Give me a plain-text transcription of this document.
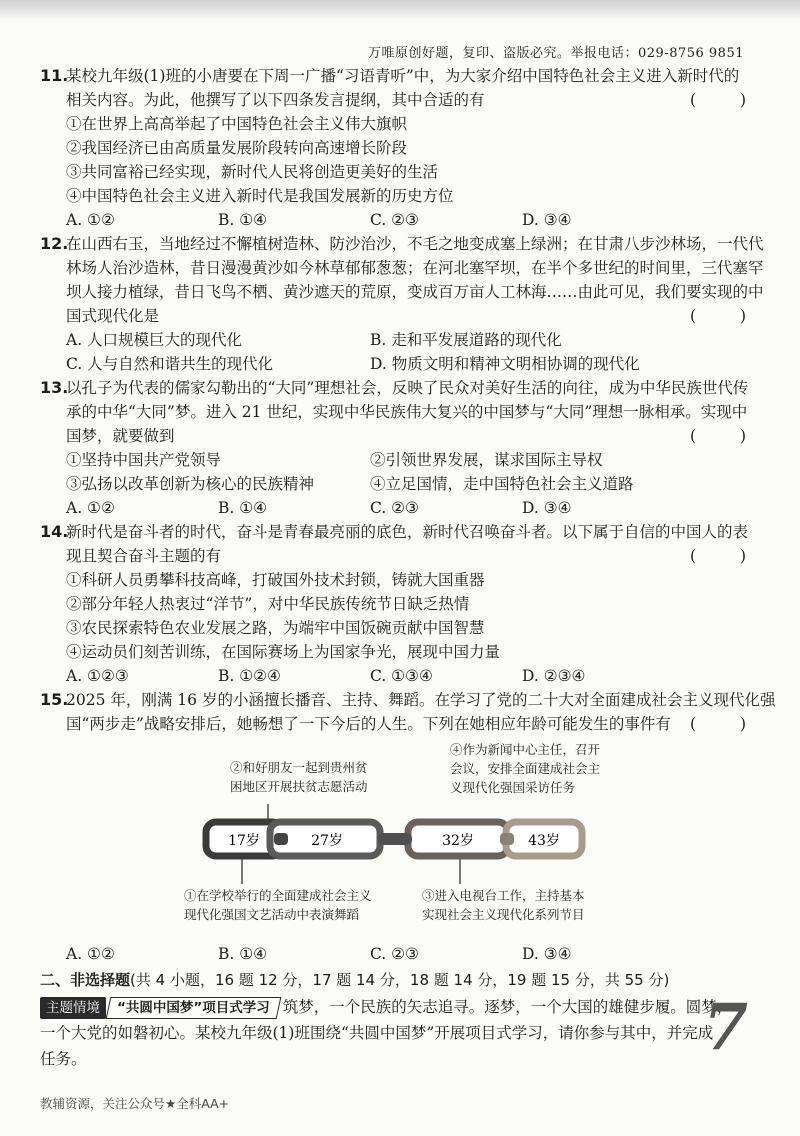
万唯原创好题，复印、盗版必究。举报电话：029-8756 9851
11.某校九年级(1)班的小唐要在下周一广播“习语青听”中，为大家介绍中国特色社会主义进入新时代的
相关内容。为此，他撰写了以下四条发言提纲，其中合适的有	(	)
①在世界上高高举起了中国特色社会主义伟大旗帜
②我国经济已由高质量发展阶段转向高速增长阶段
③共同富裕已经实现，新时代人民将创造更美好的生活
④中国特色社会主义进入新时代是我国发展新的历史方位
A. ①②	B. ①④	C. ②③	D. ③④
12.在山西右玉，当地经过不懈植树造林、防沙治沙，不毛之地变成塞上绿洲；在甘肃八步沙林场，一代代
林场人治沙造林，昔日漫漫黄沙如今林草郁郁葱葱；在河北塞罕坝，在半个多世纪的时间里，三代塞罕
坝人接力植绿，昔日飞鸟不栖、黄沙遮天的荒原，变成百万亩人工林海……由此可见，我们要实现的中
国式现代化是	(	)
A. 人口规模巨大的现代化	B. 走和平发展道路的现代化
C. 人与自然和谐共生的现代化	D. 物质文明和精神文明相协调的现代化
13.以孔子为代表的儒家勾勒出的“大同”理想社会，反映了民众对美好生活的向往，成为中华民族世代传
承的中华“大同”梦。进入 21 世纪，实现中华民族伟大复兴的中国梦与“大同”理想一脉相承。实现中
国梦，就要做到	(	)
①坚持中国共产党领导	②引领世界发展，谋求国际主导权
③弘扬以改革创新为核心的民族精神	④立足国情，走中国特色社会主义道路
A. ①②	B. ①④	C. ②③	D. ③④
14.新时代是奋斗者的时代，奋斗是青春最亮丽的底色，新时代召唤奋斗者。以下属于自信的中国人的表
现且契合奋斗主题的有	(	)
①科研人员勇攀科技高峰，打破国外技术封锁，铸就大国重器
②部分年轻人热衷过“洋节”，对中华民族传统节日缺乏热情
③农民探索特色农业发展之路，为端牢中国饭碗贡献中国智慧
④运动员们刻苦训练，在国际赛场上为国家争光，展现中国力量
A. ①②③	B. ①②④	C. ①③④	D. ②③④
15.2025 年，刚满 16 岁的小涵擅长播音、主持、舞蹈。在学习了党的二十大对全面建成社会主义现代化强
国“两步走”战略安排后，她畅想了一下今后的人生。下列在她相应年龄可能发生的事件有 (	)
17岁	27岁	32岁	43岁
②和好朋友一起到贵州贫
困地区开展扶贫志愿活动
④作为新闻中心主任，召开
会议，安排全面建成社会主
义现代化强国采访任务
①在学校举行的全面建成社会主义
现代化强国文艺活动中表演舞蹈
③进入电视台工作，主持基本
实现社会主义现代化系列节目
A. ①②	B. ①④	C. ②③	D. ③④
二、非选择题(共 4 小题，16 题 12 分，17 题 14 分，18 题 14 分，19 题 15 分，共 55 分)
主题情境 “共圆中国梦”项目式学习 筑梦，一个民族的矢志追寻。逐梦，一个大国的雄健步履。圆梦，
一个大党的如磐初心。某校九年级(1)班围绕“共圆中国梦”开展项目式学习，请你参与其中，并完成
任务。	7
教辅资源，关注公众号★全科AA+
